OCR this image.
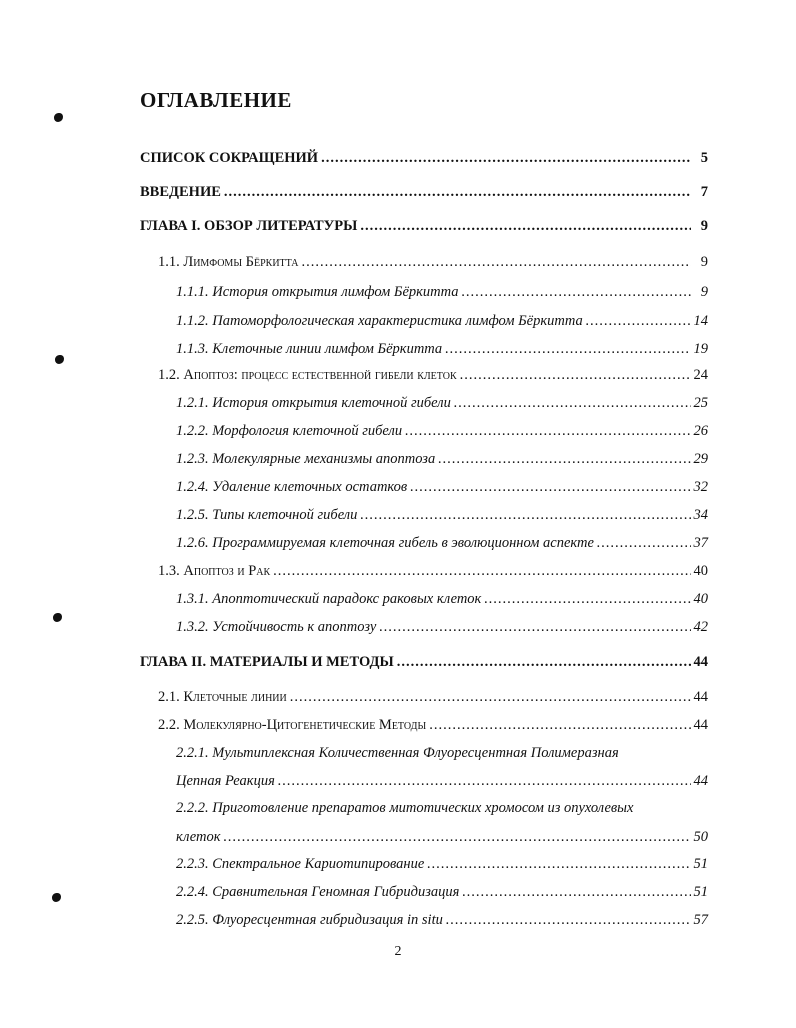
ОГЛАВЛЕНИЕ
СПИСОК СОКРАЩЕНИЙ .....	5
ВВЕДЕНИЕ .....	7
ГЛАВА I. ОБЗОР ЛИТЕРАТУРЫ .....	9
1.1. Лимфомы Бёркитта .....	9
1.1.1. История открытия лимфом Бёркитта .....	9
1.1.2. Патоморфологическая характеристика лимфом Бёркитта .....	14
1.1.3. Клеточные линии лимфом Бёркитта .....	19
1.2. Апоптоз: процесс естественной гибели клеток .....	24
1.2.1. История открытия клеточной гибели .....	25
1.2.2. Морфология клеточной гибели .....	26
1.2.3. Молекулярные механизмы апоптоза .....	29
1.2.4. Удаление клеточных остатков .....	32
1.2.5. Типы клеточной гибели .....	34
1.2.6. Программируемая клеточная гибель в эволюционном аспекте .....	37
1.3. Апоптоз и Рак .....	40
1.3.1. Апоптотический парадокс раковых клеток .....	40
1.3.2. Устойчивость к апоптозу .....	42
ГЛАВА II. МАТЕРИАЛЫ И МЕТОДЫ .....	44
2.1. Клеточные линии .....	44
2.2. Молекулярно-Цитогенетические Методы .....	44
2.2.1. Мультиплексная Количественная Флуоресцентная Полимеразная
Цепная Реакция .....	44
2.2.2. Приготовление препаратов митотических хромосом из опухолевых
клеток .....	50
2.2.3. Спектральное Кариотипирование .....	51
2.2.4. Сравнительная Геномная Гибридизация .....	51
2.2.5. Флуоресцентная гибридизация in situ .....	57
2
